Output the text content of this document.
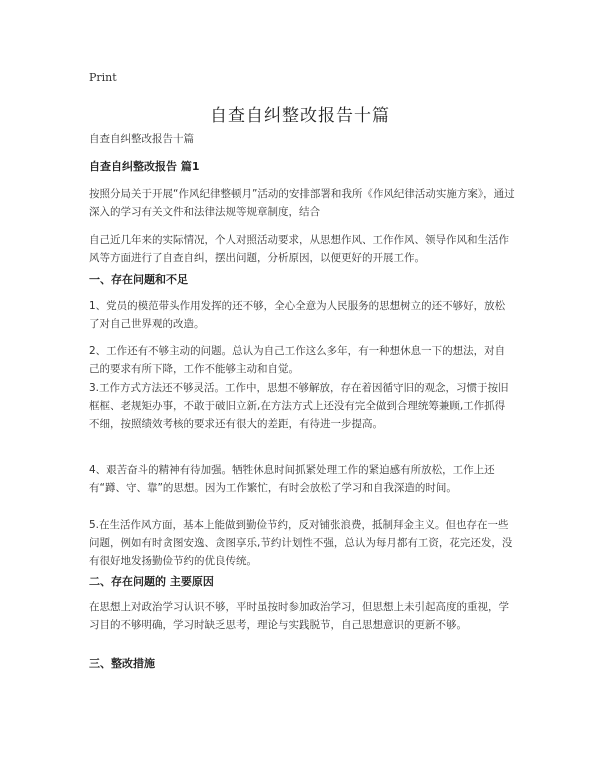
Print
自查自纠整改报告十篇

自查自纠整改报告十篇

自查自纠整改报告 篇1

按照分局关于开展“作风纪律整顿月”活动的安排部署和我所《作风纪律活动实施方案》，通过深入的学习有关文件和法律法规等规章制度，结合

自己近几年来的实际情况，个人对照活动要求，从思想作风、工作作风、领导作风和生活作风等方面进行了自查自纠，摆出问题，分析原因，以便更好的开展工作。

一、存在问题和不足

1、党员的模范带头作用发挥的还不够，全心全意为人民服务的思想树立的还不够好，放松了对自己世界观的改造。

2、工作还有不够主动的问题。总认为自己工作这么多年，有一种想休息一下的想法，对自己的要求有所下降，工作不能够主动和自觉。

3.工作方式方法还不够灵活。工作中，思想不够解放，存在着因循守旧的观念，习惯于按旧框框、老规矩办事，不敢于破旧立新,在方法方式上还没有完全做到合理统筹兼顾,工作抓得不细，按照绩效考核的要求还有很大的差距，有待进一步提高。

4、艰苦奋斗的精神有待加强。牺牲休息时间抓紧处理工作的紧迫感有所放松，工作上还有“蹲、守、靠”的思想。因为工作繁忙，有时会放松了学习和自我深造的时间。

5.在生活作风方面，基本上能做到勤俭节约，反对铺张浪费，抵制拜金主义。但也存在一些问题，例如有时贪图安逸、贪图享乐,节约计划性不强，总认为每月都有工资，花完还发，没有很好地发扬勤俭节约的优良传统。

二、存在问题的 主要原因

在思想上对政治学习认识不够，平时虽按时参加政治学习，但思想上未引起高度的重视，学习目的不够明确，学习时缺乏思考，理论与实践脱节，自己思想意识的更新不够。

三、整改措施
